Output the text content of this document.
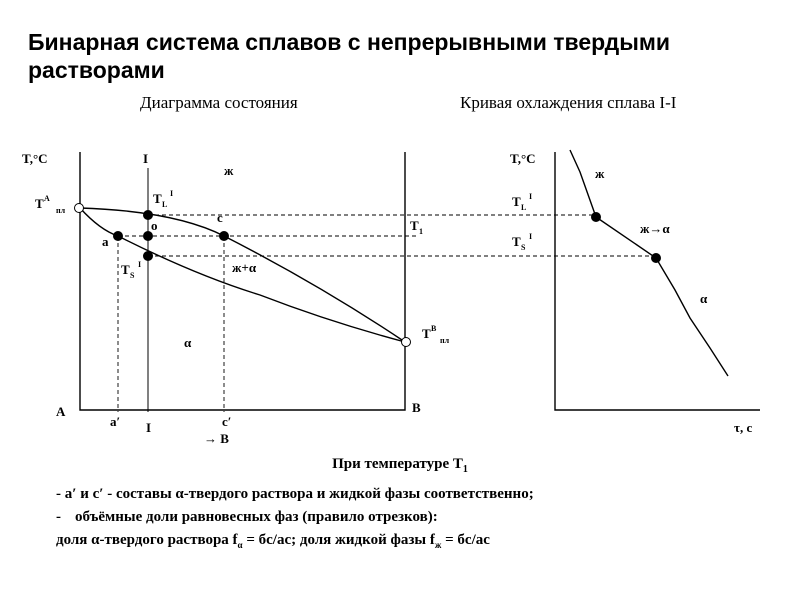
Бинарная система сплавов с непрерывными твердыми растворами
Диаграмма состояния	Кривая охлаждения сплава I-I
T,°C	I
ж
T A
пл
T L
I
c
о
a
T 1
T S
I	ж+α
α
T B
пл
A	B
a′	c′
I
→ B
T,°C
ж
T L
I
T S
I
ж→α
α
τ, с
При температуре $T_1$
- a′ и c′ - составы α-твердого раствора и жидкой фазы соответственно;
- объёмные доли равновесных фаз (правило отрезков):
доля α-твердого раствора $f_\alpha = бс/ас$; доля жидкой фазы $f_ж = бс/ас$
